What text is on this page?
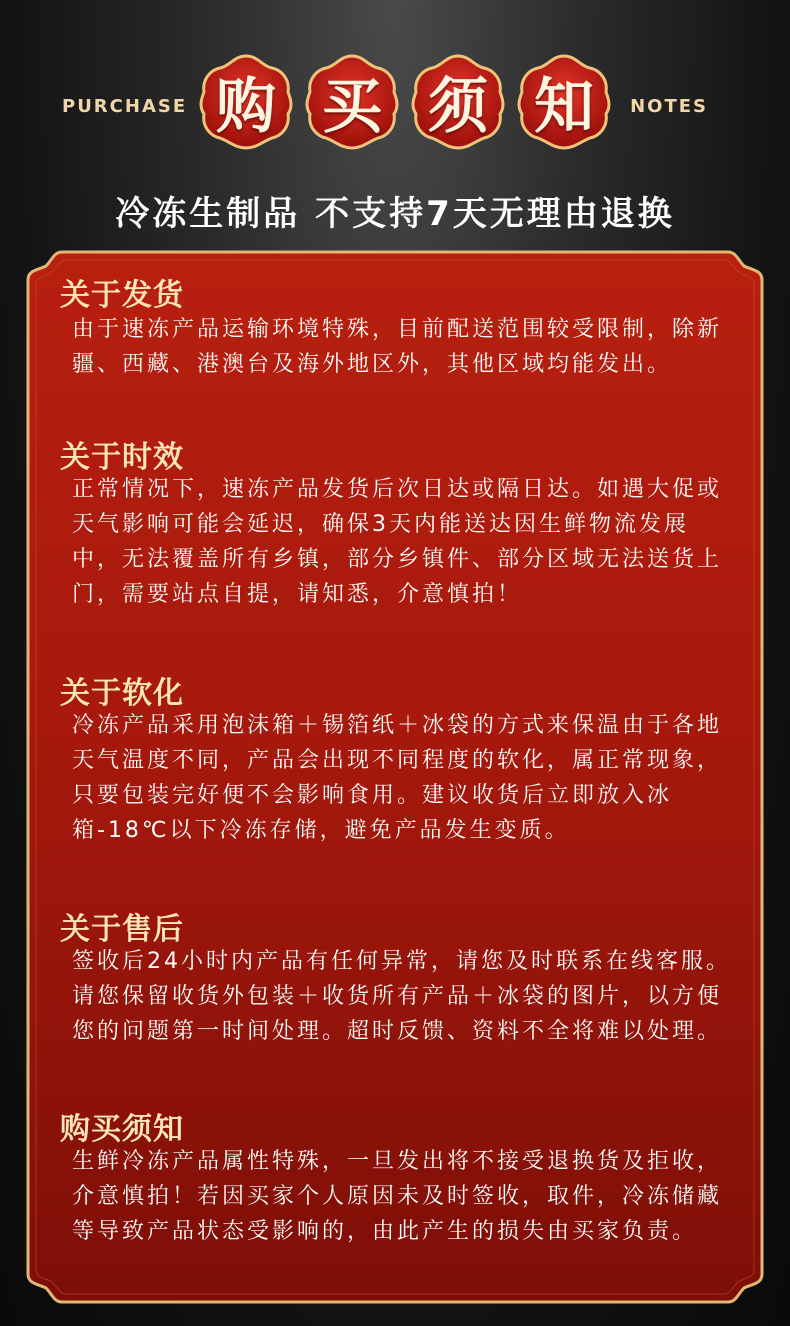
PURCHASE 购 买 须 知	NOTES
冷冻生制品 不支持7天无理由退换
关于发货
由于速冻产品运输环境特殊，目前配送范围较受限制，除新疆、西藏、港澳台及海外地区外，其他区域均能发出。
关于时效
正常情况下，速冻产品发货后次日达或隔日达。如遇大促或天气影响可能会延迟，确保3天内能送达因生鲜物流发展中，无法覆盖所有乡镇，部分乡镇件、部分区域无法送货上门，需要站点自提，请知悉，介意慎拍！
关于软化
冷冻产品采用泡沫箱＋锡箔纸＋冰袋的方式来保温由于各地天气温度不同，产品会出现不同程度的软化，属正常现象，只要包装完好便不会影响食用。建议收货后立即放入冰箱-18℃以下冷冻存储，避免产品发生变质。
关于售后
签收后24小时内产品有任何异常，请您及时联系在线客服。请您保留收货外包装＋收货所有产品＋冰袋的图片，以方便您的问题第一时间处理。超时反馈、资料不全将难以处理。
购买须知
生鲜冷冻产品属性特殊，一旦发出将不接受退换货及拒收，介意慎拍！若因买家个人原因未及时签收，取件，冷冻储藏等导致产品状态受影响的，由此产生的损失由买家负责。
